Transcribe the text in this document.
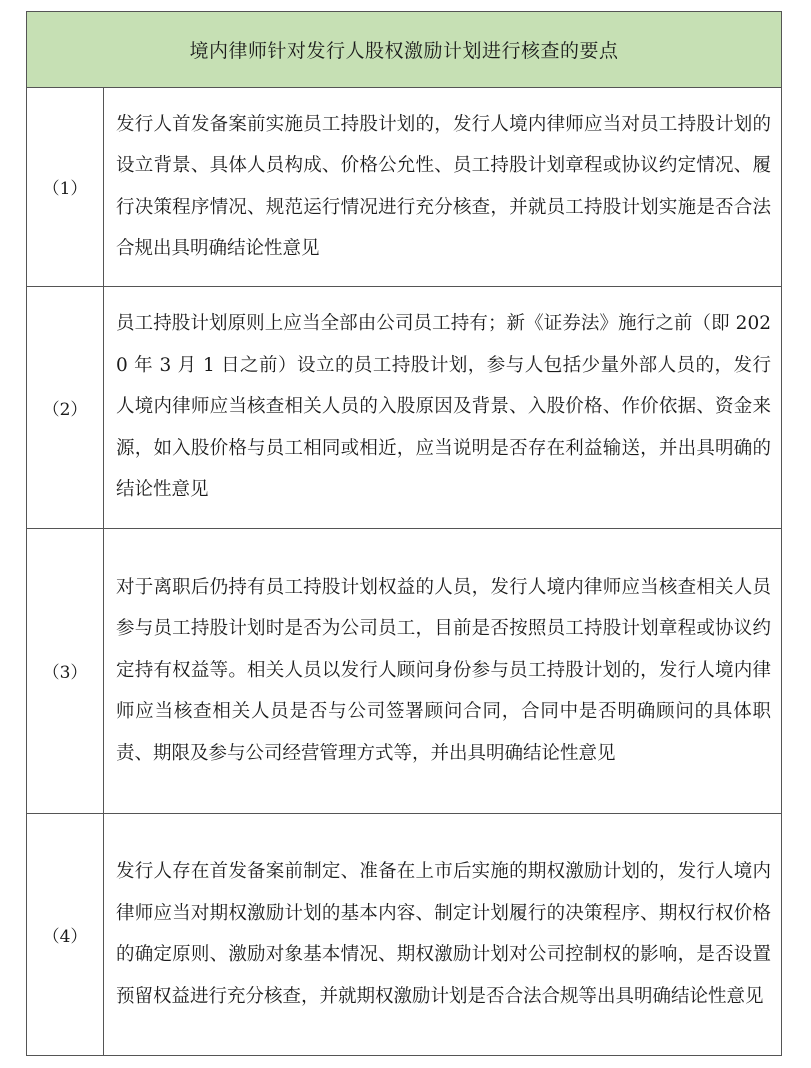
境内律师针对发行人股权激励计划进行核查的要点	
（1）	发行人首发备案前实施员工持股计划的，发行人境内律师应当对员工持股计划的设立背景、具体人员构成、价格公允性、员工持股计划章程或协议约定情况、履行决策程序情况、规范运行情况进行充分核查，并就员工持股计划实施是否合法合规出具明确结论性意见
（2）	员工持股计划原则上应当全部由公司员工持有；新《证券法》施行之前（即 2020 年 3 月 1 日之前）设立的员工持股计划，参与人包括少量外部人员的，发行人境内律师应当核查相关人员的入股原因及背景、入股价格、作价依据、资金来源，如入股价格与员工相同或相近，应当说明是否存在利益输送，并出具明确的结论性意见
（3）	对于离职后仍持有员工持股计划权益的人员，发行人境内律师应当核查相关人员参与员工持股计划时是否为公司员工，目前是否按照员工持股计划章程或协议约定持有权益等。相关人员以发行人顾问身份参与员工持股计划的，发行人境内律师应当核查相关人员是否与公司签署顾问合同，合同中是否明确顾问的具体职责、期限及参与公司经营管理方式等，并出具明确结论性意见
（4）	发行人存在首发备案前制定、准备在上市后实施的期权激励计划的，发行人境内律师应当对期权激励计划的基本内容、制定计划履行的决策程序、期权行权价格的确定原则、激励对象基本情况、期权激励计划对公司控制权的影响，是否设置预留权益进行充分核查，并就期权激励计划是否合法合规等出具明确结论性意见
